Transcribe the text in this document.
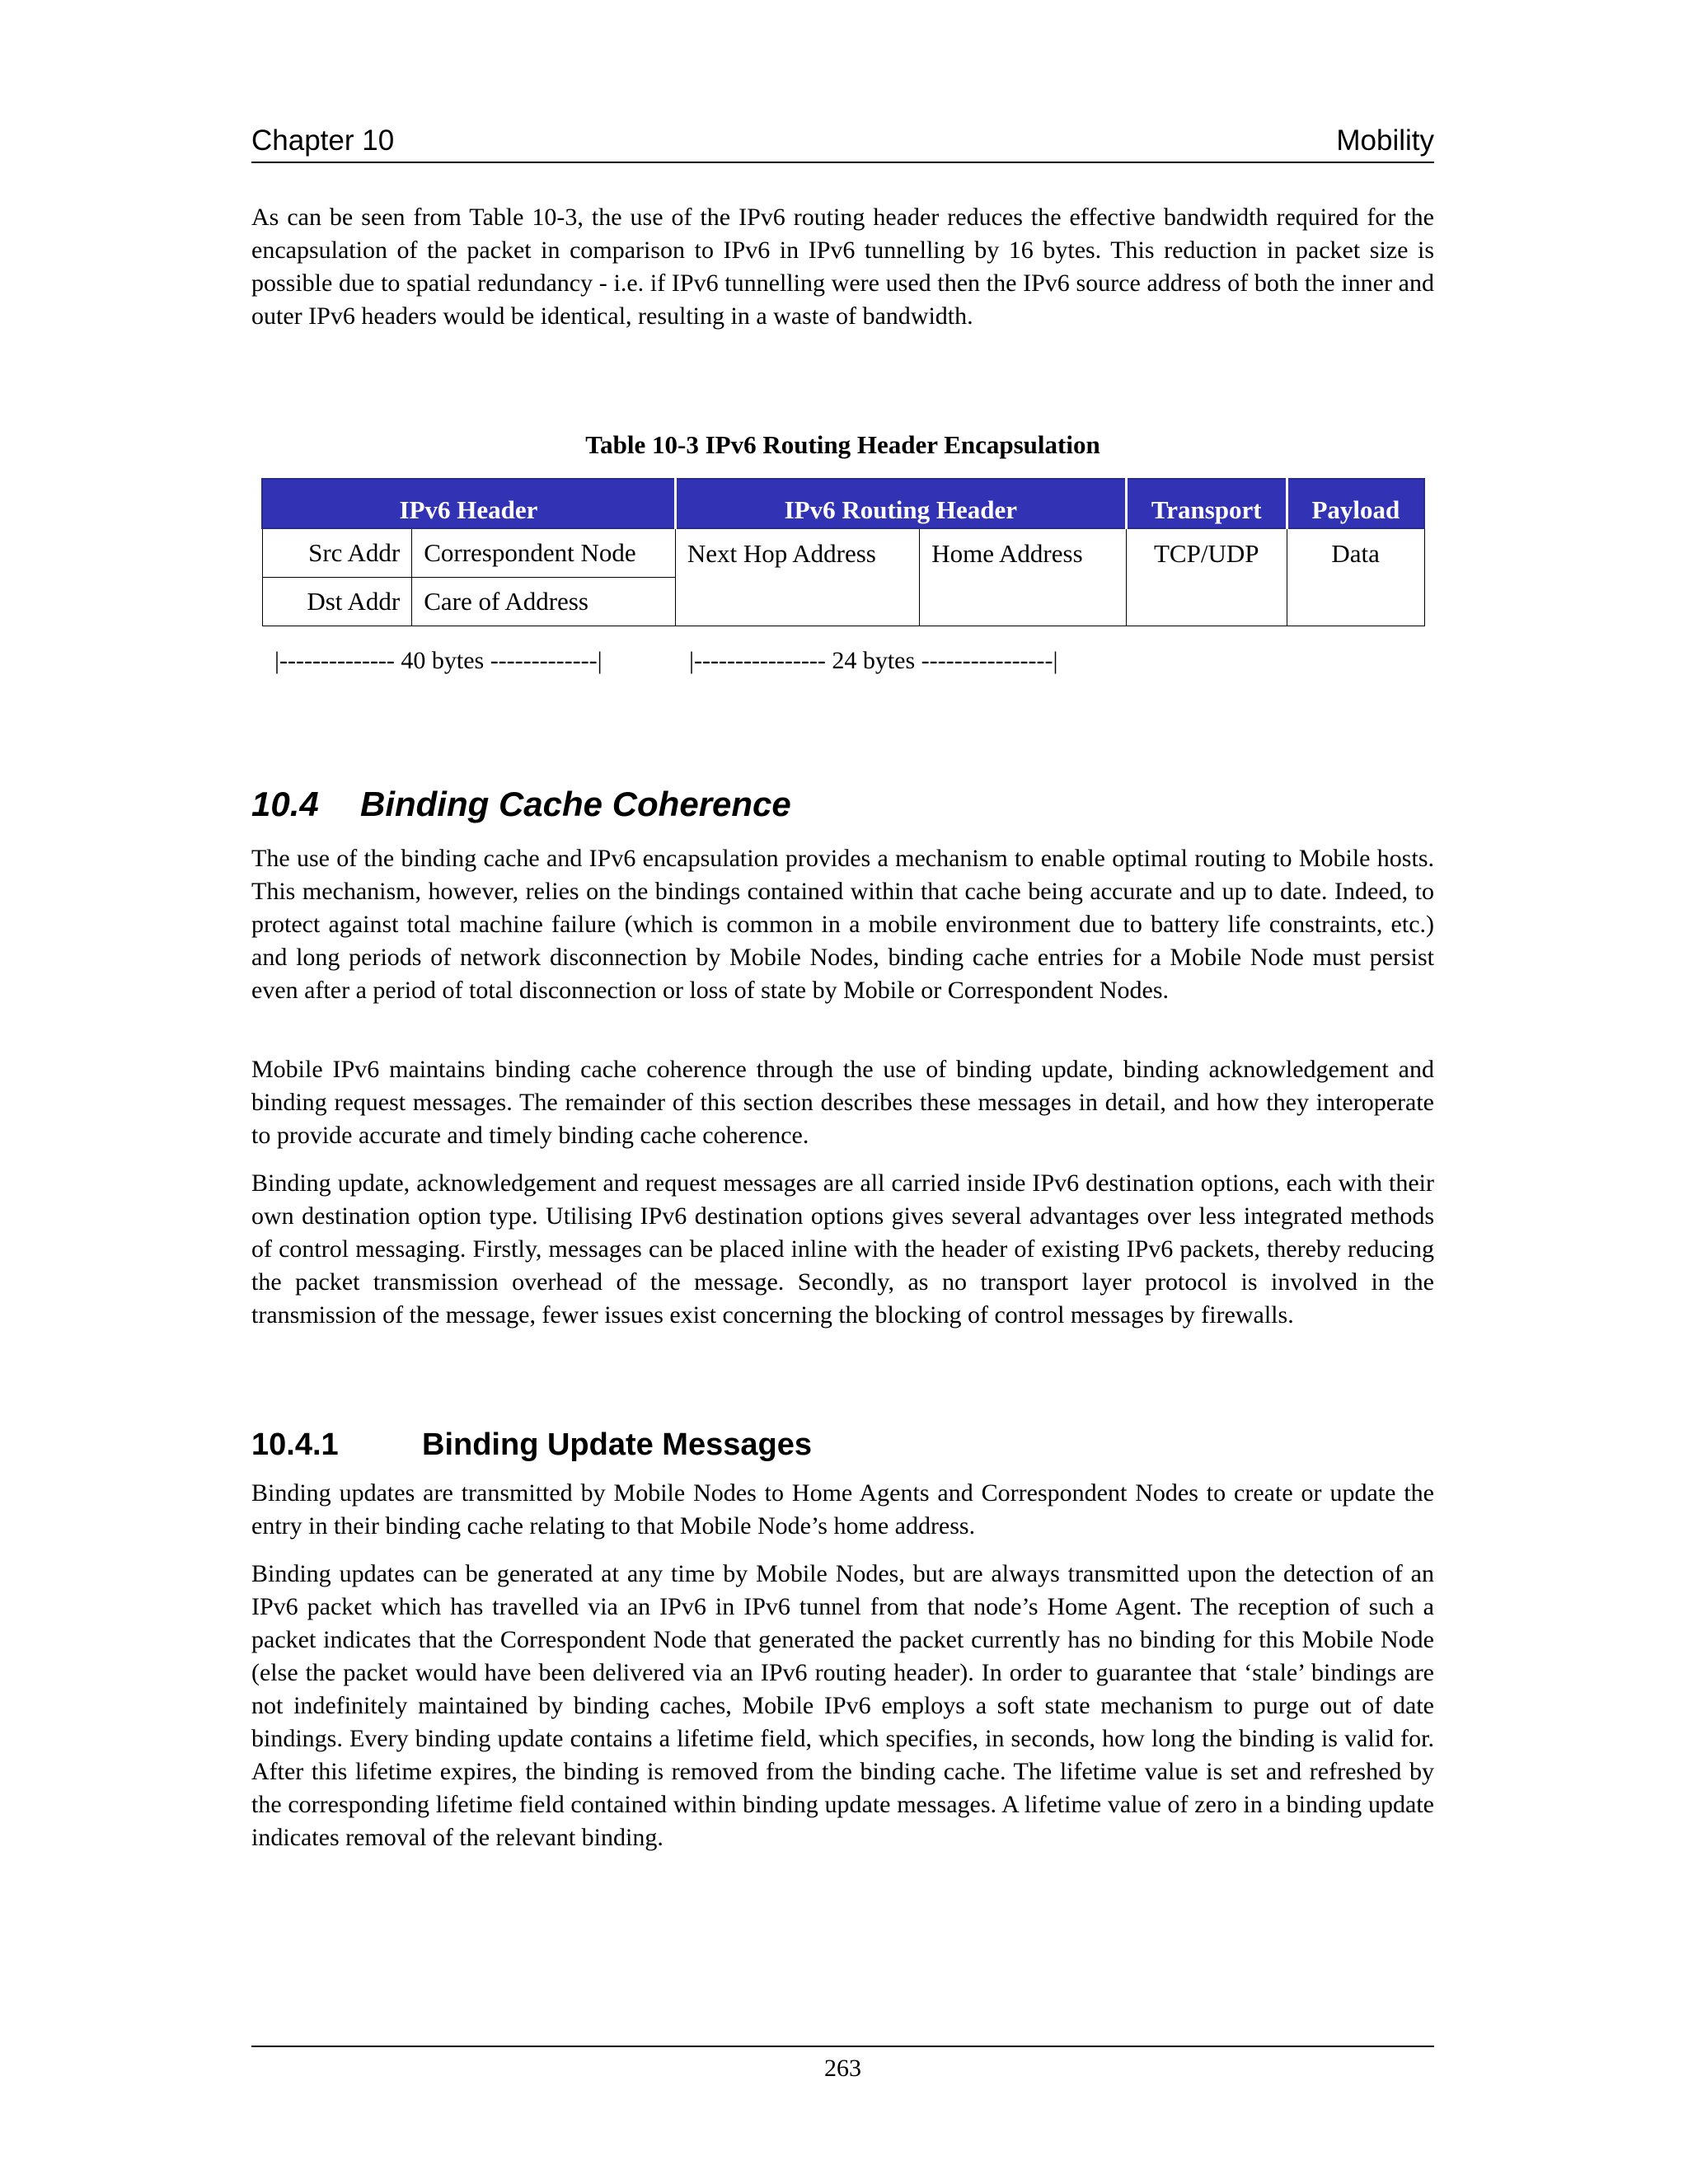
Chapter 10	Mobility

As can be seen from Table 10-3, the use of the IPv6 routing header reduces the effective bandwidth required for the encapsulation of the packet in comparison to IPv6 in IPv6 tunnelling by 16 bytes. This reduction in packet size is possible due to spatial redundancy - i.e. if IPv6 tunnelling were used then the IPv6 source address of both the inner and outer IPv6 headers would be identical, resulting in a waste of bandwidth.

Table 10-3 IPv6 Routing Header Encapsulation
IPv6 Header		IPv6 Routing Header		Transport	Payload
Src Addr	Correspondent Node	Next Hop Address	Home Address	TCP/UDP	Data
Dst Addr	Care of Address				
|-------------- 40 bytes -------------|	|---------------- 24 bytes ----------------|
10.4 Binding Cache Coherence

The use of the binding cache and IPv6 encapsulation provides a mechanism to enable optimal routing to Mobile hosts. This mechanism, however, relies on the bindings contained within that cache being accurate and up to date. Indeed, to protect against total machine failure (which is common in a mobile environment due to battery life constraints, etc.) and long periods of network disconnection by Mobile Nodes, binding cache entries for a Mobile Node must persist even after a period of total disconnection or loss of state by Mobile or Correspondent Nodes.

Mobile IPv6 maintains binding cache coherence through the use of binding update, binding acknowledgement and binding request messages. The remainder of this section describes these messages in detail, and how they interoperate to provide accurate and timely binding cache coherence.

Binding update, acknowledgement and request messages are all carried inside IPv6 destination options, each with their own destination option type. Utilising IPv6 destination options gives several advantages over less integrated methods of control messaging. Firstly, messages can be placed inline with the header of existing IPv6 packets, thereby reducing the packet transmission overhead of the message. Secondly, as no transport layer protocol is involved in the transmission of the message, fewer issues exist concerning the blocking of control messages by firewalls.

10.4.1	Binding Update Messages

Binding updates are transmitted by Mobile Nodes to Home Agents and Correspondent Nodes to create or update the entry in their binding cache relating to that Mobile Node’s home address.

Binding updates can be generated at any time by Mobile Nodes, but are always transmitted upon the detection of an IPv6 packet which has travelled via an IPv6 in IPv6 tunnel from that node’s Home Agent. The reception of such a packet indicates that the Correspondent Node that generated the packet currently has no binding for this Mobile Node (else the packet would have been delivered via an IPv6 routing header). In order to guarantee that ‘stale’ bindings are not indefinitely maintained by binding caches, Mobile IPv6 employs a soft state mechanism to purge out of date bindings. Every binding update contains a lifetime field, which specifies, in seconds, how long the binding is valid for. After this lifetime expires, the binding is removed from the binding cache. The lifetime value is set and refreshed by the corresponding lifetime field contained within binding update messages. A lifetime value of zero in a binding update indicates removal of the relevant binding.

263
